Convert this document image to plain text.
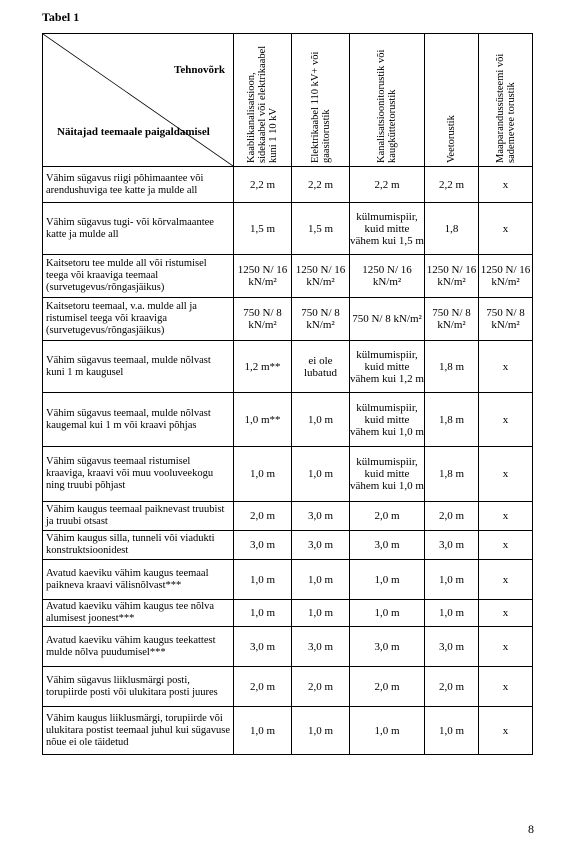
Tabel 1
Tehnovõrk
Näitajad teemaale paigaldamisel	Kaablikanalisatsioon, sidekaabel või elektrikaabel kuni 1 10 kV	Elektrikaabel 110 kV+ või gaasitorustik	Kanalisatsioonitorustik või kaugküttetorustik	Veetorustik	Maaparandussüsteemi või sademevee torustik

Vähim sügavus riigi põhimaantee või arendushuviga tee katte ja mulde all	2,2 m	2,2 m	2,2 m	2,2 m	x
Vähim sügavus tugi- või kõrvalmaantee katte ja mulde all	1,5 m	1,5 m	külmumispiir, kuid mitte vähem kui 1,5 m	1,8	x
Kaitsetoru tee mulde all või ristumisel teega või kraaviga teemaal (survetugevus/rõngasjäikus)	1250 N/ 16 kN/m²	1250 N/ 16 kN/m²	1250 N/ 16 kN/m²	1250 N/ 16 kN/m²	1250 N/ 16 kN/m²
Kaitsetoru teemaal, v.a. mulde all ja ristumisel teega või kraaviga (survetugevus/rõngasjäikus)	750 N/ 8 kN/m²	750 N/ 8 kN/m²	750 N/ 8 kN/m²	750 N/ 8 kN/m²	750 N/ 8 kN/m²
Vähim sügavus teemaal, mulde nõlvast kuni 1 m kaugusel	1,2 m**	ei ole lubatud	külmumispiir, kuid mitte vähem kui 1,2 m	1,8 m	x
Vähim sügavus teemaal, mulde nõlvast kaugemal kui 1 m või kraavi põhjas	1,0 m**	1,0 m	külmumispiir, kuid mitte vähem kui 1,0 m	1,8 m	x
Vähim sügavus teemaal ristumisel kraaviga, kraavi või muu vooluveekogu ning truubi põhjast	1,0 m	1,0 m	külmumispiir, kuid mitte vähem kui 1,0 m	1,8 m	x
Vähim kaugus teemaal paiknevast truubist ja truubi otsast	2,0 m	3,0 m	2,0 m	2,0 m	x
Vähim kaugus silla, tunneli või viadukti konstruktsioonidest	3,0 m	3,0 m	3,0 m	3,0 m	x
Avatud kaeviku vähim kaugus teemaal paikneva kraavi välisnõlvast***	1,0 m	1,0 m	1,0 m	1,0 m	x
Avatud kaeviku vähim kaugus tee nõlva alumisest joonest***	1,0 m	1,0 m	1,0 m	1,0 m	x
Avatud kaeviku vähim kaugus teekattest mulde nõlva puudumisel***	3,0 m	3,0 m	3,0 m	3,0 m	x
Vähim sügavus liiklusmärgi posti, torupiirde posti või ulukitara posti juures	2,0 m	2,0 m	2,0 m	2,0 m	x
Vähim kaugus liiklusmärgi, torupiirde või ulukitara postist teemaal juhul kui sügavuse nõue ei ole täidetud	1,0 m	1,0 m	1,0 m	1,0 m	x
8
